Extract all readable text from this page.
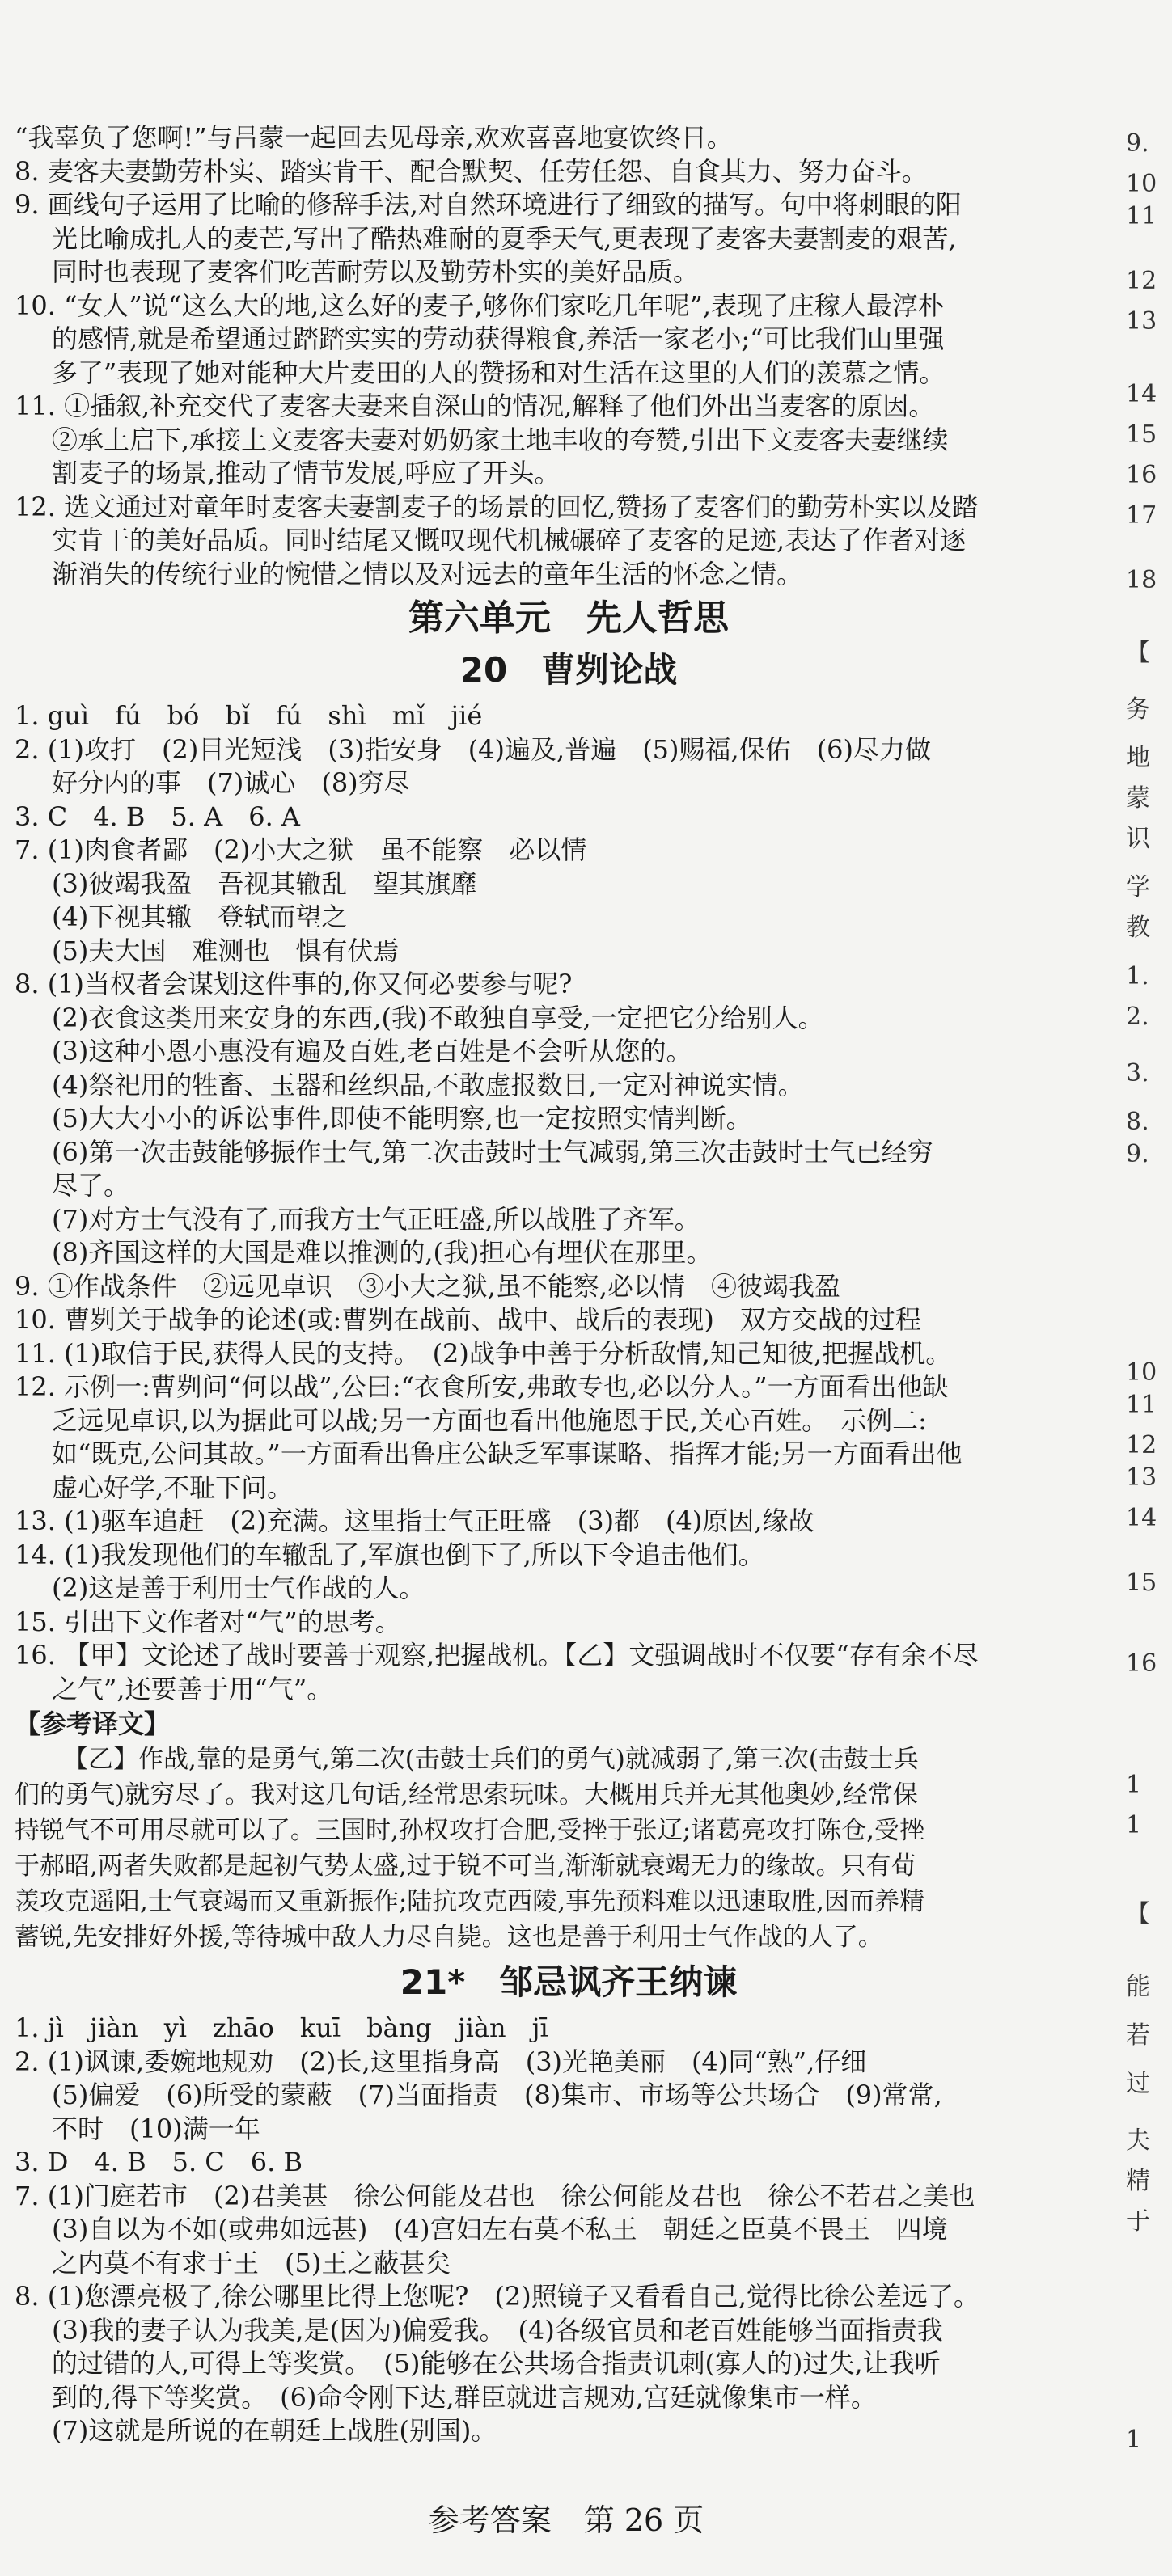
“我辜负了您啊!”与吕蒙一起回去见母亲,欢欢喜喜地宴饮终日。
8. 麦客夫妻勤劳朴实、踏实肯干、配合默契、任劳任怨、自食其力、努力奋斗。
9. 画线句子运用了比喻的修辞手法,对自然环境进行了细致的描写。句中将刺眼的阳
光比喻成扎人的麦芒,写出了酷热难耐的夏季天气,更表现了麦客夫妻割麦的艰苦,
同时也表现了麦客们吃苦耐劳以及勤劳朴实的美好品质。
10. “女人”说“这么大的地,这么好的麦子,够你们家吃几年呢”,表现了庄稼人最淳朴
的感情,就是希望通过踏踏实实的劳动获得粮食,养活一家老小;“可比我们山里强
多了”表现了她对能种大片麦田的人的赞扬和对生活在这里的人们的羡慕之情。
11. ①插叙,补充交代了麦客夫妻来自深山的情况,解释了他们外出当麦客的原因。
②承上启下,承接上文麦客夫妻对奶奶家土地丰收的夸赞,引出下文麦客夫妻继续
割麦子的场景,推动了情节发展,呼应了开头。
12. 选文通过对童年时麦客夫妻割麦子的场景的回忆,赞扬了麦客们的勤劳朴实以及踏
实肯干的美好品质。同时结尾又慨叹现代机械碾碎了麦客的足迹,表达了作者对逐
渐消失的传统行业的惋惜之情以及对远去的童年生活的怀念之情。
第六单元　先人哲思
20　曹刿论战
1. guì　fú　bó　bǐ　fú　shì　mǐ　jié
2. (1)攻打　(2)目光短浅　(3)指安身　(4)遍及,普遍　(5)赐福,保佑　(6)尽力做
好分内的事　(7)诚心　(8)穷尽
3. C　4. B　5. A　6. A
7. (1)肉食者鄙　(2)小大之狱　虽不能察　必以情
(3)彼竭我盈　吾视其辙乱　望其旗靡
(4)下视其辙　登轼而望之
(5)夫大国　难测也　惧有伏焉
8. (1)当权者会谋划这件事的,你又何必要参与呢?
(2)衣食这类用来安身的东西,(我)不敢独自享受,一定把它分给别人。
(3)这种小恩小惠没有遍及百姓,老百姓是不会听从您的。
(4)祭祀用的牲畜、玉器和丝织品,不敢虚报数目,一定对神说实情。
(5)大大小小的诉讼事件,即使不能明察,也一定按照实情判断。
(6)第一次击鼓能够振作士气,第二次击鼓时士气减弱,第三次击鼓时士气已经穷
尽了。
(7)对方士气没有了,而我方士气正旺盛,所以战胜了齐军。
(8)齐国这样的大国是难以推测的,(我)担心有埋伏在那里。
9. ①作战条件　②远见卓识　③小大之狱,虽不能察,必以情　④彼竭我盈
10. 曹刿关于战争的论述(或:曹刿在战前、战中、战后的表现)　双方交战的过程
11. (1)取信于民,获得人民的支持。　(2)战争中善于分析敌情,知己知彼,把握战机。
12. 示例一:曹刿问“何以战”,公曰:“衣食所安,弗敢专也,必以分人。”一方面看出他缺
乏远见卓识,以为据此可以战;另一方面也看出他施恩于民,关心百姓。　示例二:
如“既克,公问其故。”一方面看出鲁庄公缺乏军事谋略、指挥才能;另一方面看出他
虚心好学,不耻下问。
13. (1)驱车追赶　(2)充满。这里指士气正旺盛　(3)都　(4)原因,缘故
14. (1)我发现他们的车辙乱了,军旗也倒下了,所以下令追击他们。
(2)这是善于利用士气作战的人。
15. 引出下文作者对“气”的思考。
16. 【甲】文论述了战时要善于观察,把握战机。【乙】文强调战时不仅要“存有余不尽
之气”,还要善于用“气”。
【参考译文】
【乙】作战,靠的是勇气,第二次(击鼓士兵们的勇气)就减弱了,第三次(击鼓士兵
们的勇气)就穷尽了。我对这几句话,经常思索玩味。大概用兵并无其他奥妙,经常保
持锐气不可用尽就可以了。三国时,孙权攻打合肥,受挫于张辽;诸葛亮攻打陈仓,受挫
于郝昭,两者失败都是起初气势太盛,过于锐不可当,渐渐就衰竭无力的缘故。只有荀
羡攻克遥阳,士气衰竭而又重新振作;陆抗攻克西陵,事先预料难以迅速取胜,因而养精
蓄锐,先安排好外援,等待城中敌人力尽自毙。这也是善于利用士气作战的人了。
21*　邹忌讽齐王纳谏
1. jì　jiàn　yì　zhāo　kuī　bàng　jiàn　jī
2. (1)讽谏,委婉地规劝　(2)长,这里指身高　(3)光艳美丽　(4)同“熟”,仔细
(5)偏爱　(6)所受的蒙蔽　(7)当面指责　(8)集市、市场等公共场合　(9)常常,
不时　(10)满一年
3. D　4. B　5. C　6. B
7. (1)门庭若市　(2)君美甚　徐公何能及君也　徐公何能及君也　徐公不若君之美也
(3)自以为不如(或弗如远甚)　(4)宫妇左右莫不私王　朝廷之臣莫不畏王　四境
之内莫不有求于王　(5)王之蔽甚矣
8. (1)您漂亮极了,徐公哪里比得上您呢?　(2)照镜子又看看自己,觉得比徐公差远了。
(3)我的妻子认为我美,是(因为)偏爱我。　(4)各级官员和老百姓能够当面指责我
的过错的人,可得上等奖赏。　(5)能够在公共场合指责讥刺(寡人的)过失,让我听
到的,得下等奖赏。　(6)命令刚下达,群臣就进言规劝,宫廷就像集市一样。
(7)这就是所说的在朝廷上战胜(别国)。
9.
10
11
12
13
14
15
16
17
18
【
务
地
蒙
识
学
教
1.
2.
3.
8.
9.
10
11
12
13
14
15
16
1
1
【
能
若
过
夫
精
于
1
参考答案 第 26 页
